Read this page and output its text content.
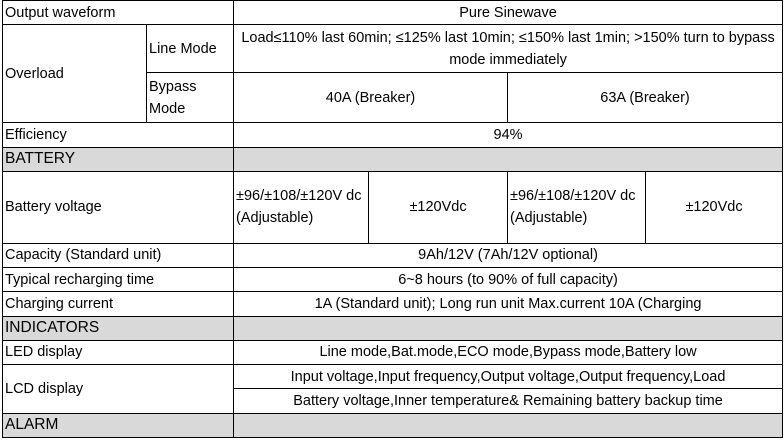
Output waveform		Pure Sinewave			
Overload	Line Mode	Load≤110% last 60min; ≤125% last 10min; ≤150% last 1min; >150% turn to bypass mode immediately			
	Bypass Mode	40A (Breaker)		63A (Breaker)	
Efficiency		94%			
BATTERY					
Battery voltage		±96/±108/±120V dc (Adjustable)	±120Vdc	±96/±108/±120V dc (Adjustable)	±120Vdc
Capacity (Standard unit)		9Ah/12V (7Ah/12V optional)			
Typical recharging time		6~8 hours (to 90% of full capacity)			
Charging current		1A (Standard unit); Long run unit Max.current 10A (Charging			
INDICATORS					
LED display		Line mode,Bat.mode,ECO mode,Bypass mode,Battery low			
LCD display		Input voltage,Input frequency,Output voltage,Output frequency,Load			
		Battery voltage,Inner temperature& Remaining battery backup time			
ALARM					
